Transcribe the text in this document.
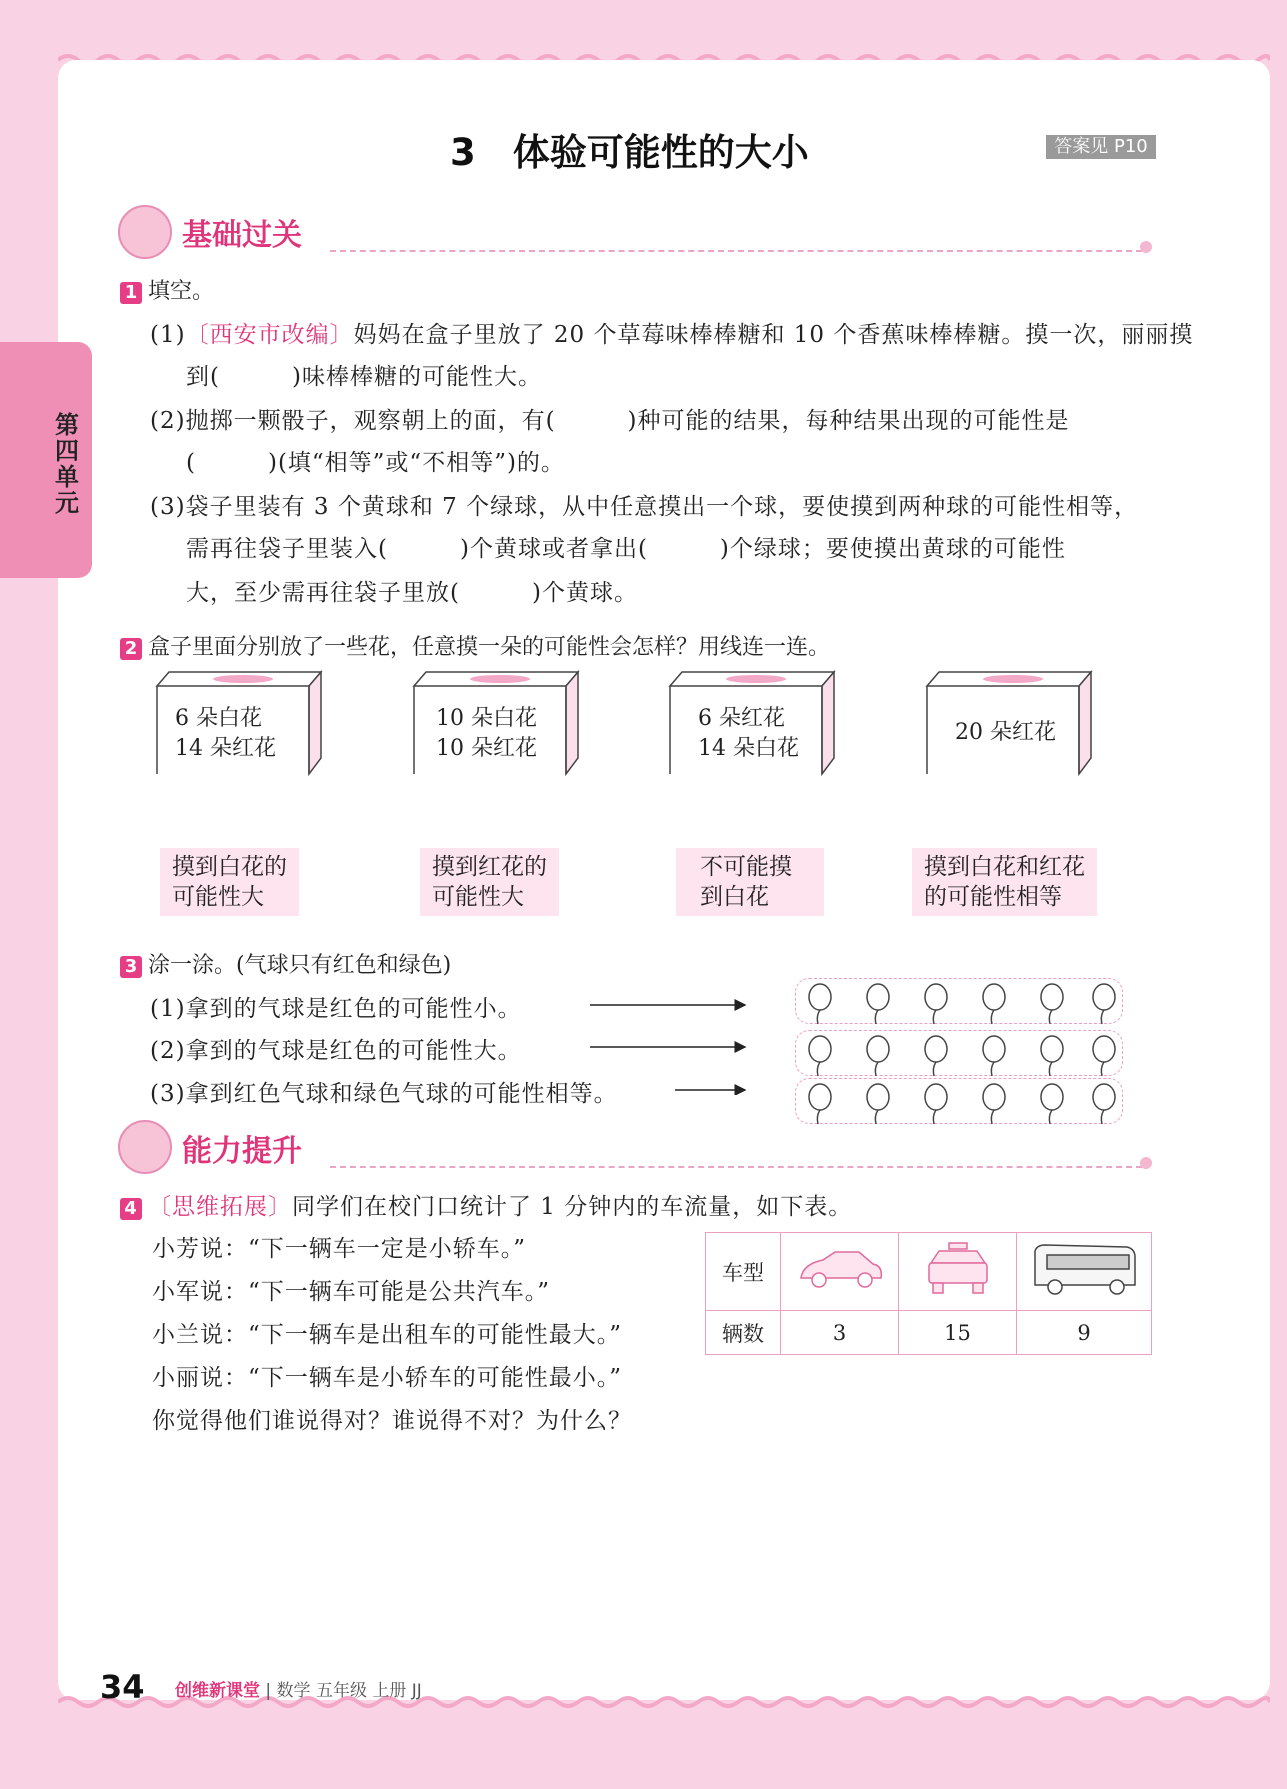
第四单元
3　体验可能性的大小	答案见 P10
基础过关
1 填空。
(1)〔西安市改编〕妈妈在盒子里放了 20 个草莓味棒棒糖和 10 个香蕉味棒棒糖。摸一次，丽丽摸
到(　　　)味棒棒糖的可能性大。
(2)抛掷一颗骰子，观察朝上的面，有(　　　)种可能的结果，每种结果出现的可能性是
(　　　)(填“相等”或“不相等”)的。
(3)袋子里装有 3 个黄球和 7 个绿球，从中任意摸出一个球，要使摸到两种球的可能性相等，
需再往袋子里装入(　　　)个黄球或者拿出(　　　)个绿球；要使摸出黄球的可能性
大，至少需再往袋子里放(　　　)个黄球。
2 盒子里面分别放了一些花，任意摸一朵的可能性会怎样？用线连一连。
6 朵白花
14 朵红花
10 朵白花
10 朵红花
6 朵红花
14 朵白花
20 朵红花
摸到白花的
可能性大
摸到红花的
可能性大
不可能摸
到白花
摸到白花和红花
的可能性相等
3 涂一涂。(气球只有红色和绿色)
(1)拿到的气球是红色的可能性小。
(2)拿到的气球是红色的可能性大。
(3)拿到红色气球和绿色气球的可能性相等。
能力提升
4 〔思维拓展〕同学们在校门口统计了 1 分钟内的车流量，如下表。
小芳说：“下一辆车一定是小轿车。”
小军说：“下一辆车可能是公共汽车。”
小兰说：“下一辆车是出租车的可能性最大。”
小丽说：“下一辆车是小轿车的可能性最小。”
你觉得他们谁说得对？谁说得不对？为什么？
车型			
辆数	3	15	9
34 创维新课堂 | 数学 五年级 上册 JJ
